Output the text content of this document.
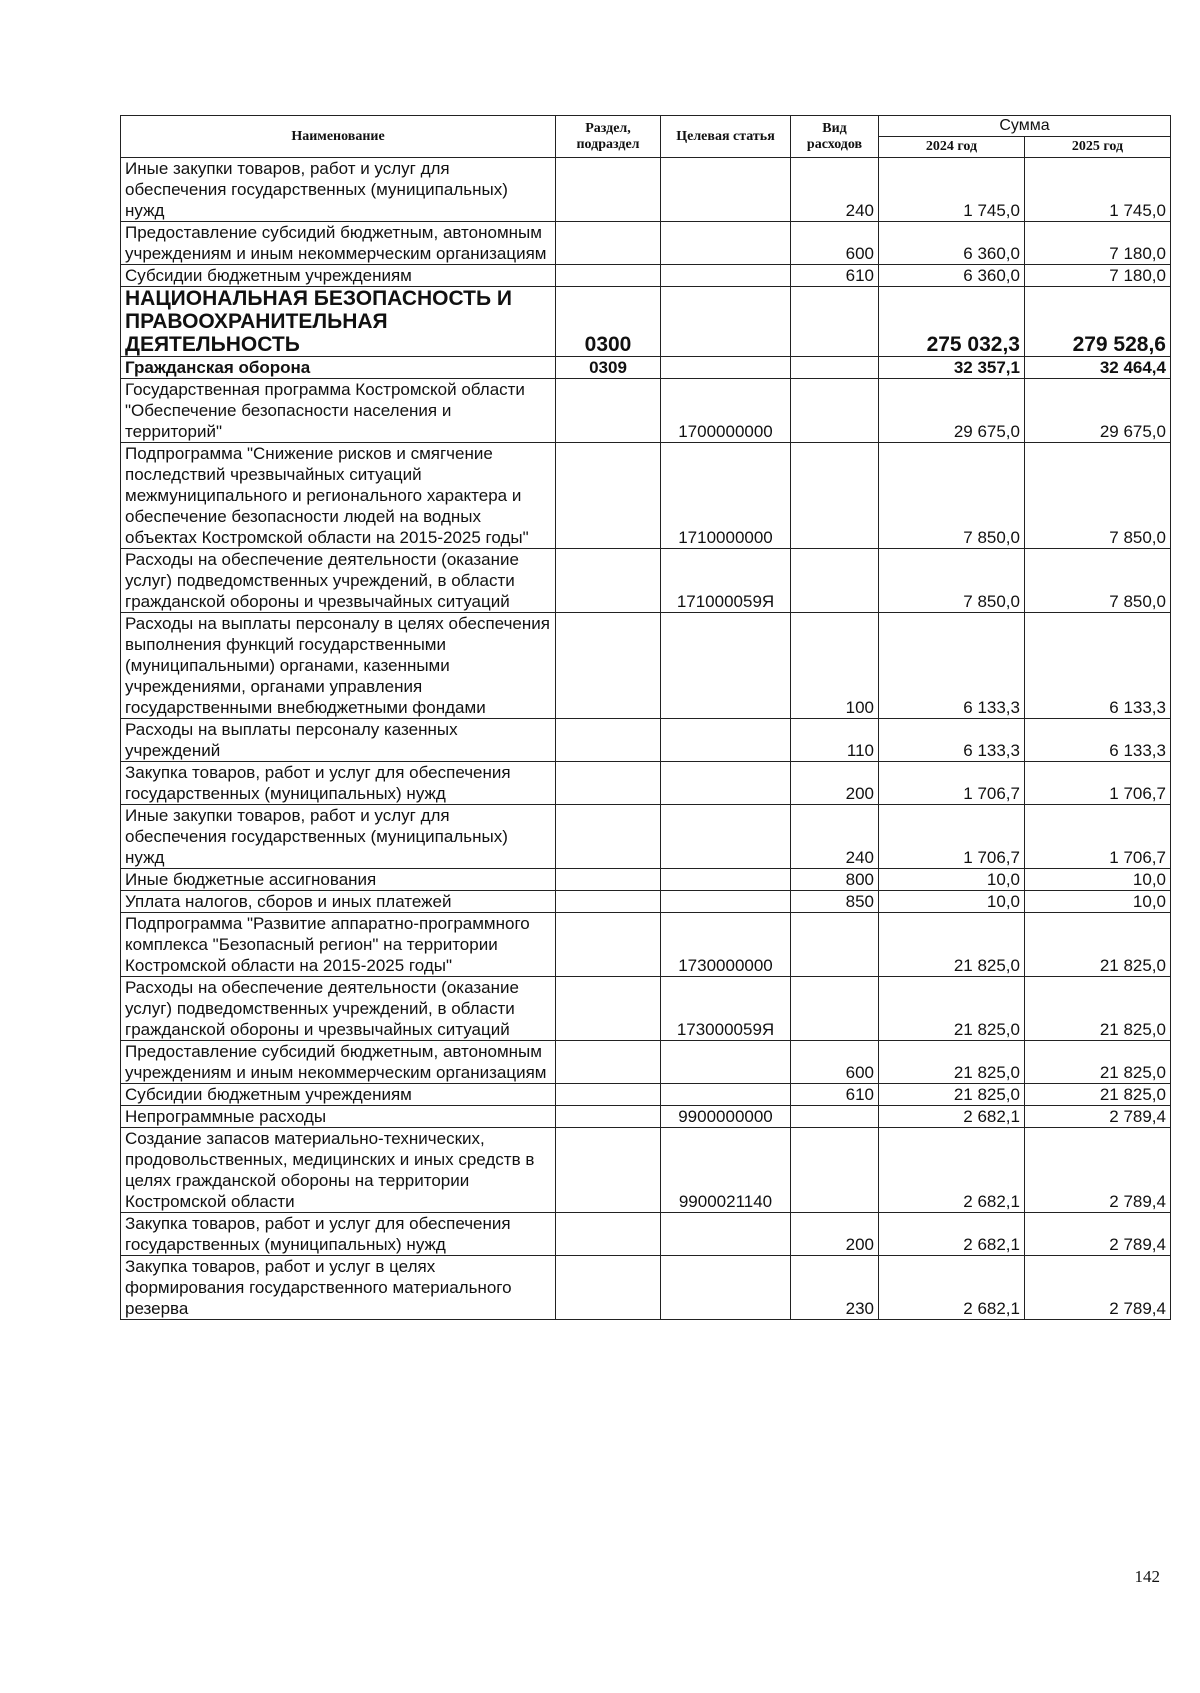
Наименование	Раздел, подраздел	Целевая статья	Вид расходов	Сумма	
				2024 год	2025 год
Иные закупки товаров, работ и услуг для обеспечения государственных (муниципальных) нужд			240	1 745,0	1 745,0
Предоставление субсидий бюджетным, автономным учреждениям и иным некоммерческим организациям			600	6 360,0	7 180,0
Субсидии бюджетным учреждениям			610	6 360,0	7 180,0
НАЦИОНАЛЬНАЯ БЕЗОПАСНОСТЬ И ПРАВООХРАНИТЕЛЬНАЯ ДЕЯТЕЛЬНОСТЬ	0300			275 032,3	279 528,6
Гражданская оборона	0309			32 357,1	32 464,4
Государственная программа Костромской области "Обеспечение безопасности населения и территорий"		1700000000		29 675,0	29 675,0
Подпрограмма "Снижение рисков и смягчение последствий чрезвычайных ситуаций межмуниципального и регионального характера и обеспечение безопасности людей на водных объектах Костромской области на 2015-2025 годы"		1710000000		7 850,0	7 850,0
Расходы на обеспечение деятельности (оказание услуг) подведомственных учреждений, в области гражданской обороны и чрезвычайных ситуаций		171000059Я		7 850,0	7 850,0
Расходы на выплаты персоналу в целях обеспечения выполнения функций государственными (муниципальными) органами, казенными учреждениями, органами управления государственными внебюджетными фондами			100	6 133,3	6 133,3
Расходы на выплаты персоналу казенных учреждений			110	6 133,3	6 133,3
Закупка товаров, работ и услуг для обеспечения государственных (муниципальных) нужд			200	1 706,7	1 706,7
Иные закупки товаров, работ и услуг для обеспечения государственных (муниципальных) нужд			240	1 706,7	1 706,7
Иные бюджетные ассигнования			800	10,0	10,0
Уплата налогов, сборов и иных платежей			850	10,0	10,0
Подпрограмма "Развитие аппаратно-программного комплекса "Безопасный регион" на территории Костромской области на 2015-2025 годы"		1730000000		21 825,0	21 825,0
Расходы на обеспечение деятельности (оказание услуг) подведомственных учреждений, в области гражданской обороны и чрезвычайных ситуаций		173000059Я		21 825,0	21 825,0
Предоставление субсидий бюджетным, автономным учреждениям и иным некоммерческим организациям			600	21 825,0	21 825,0
Субсидии бюджетным учреждениям			610	21 825,0	21 825,0
Непрограммные расходы		9900000000		2 682,1	2 789,4
Создание запасов материально-технических, продовольственных, медицинских и иных средств в целях гражданской обороны на территории Костромской области		9900021140		2 682,1	2 789,4
Закупка товаров, работ и услуг для обеспечения государственных (муниципальных) нужд			200	2 682,1	2 789,4
Закупка товаров, работ и услуг в целях формирования государственного материального резерва			230	2 682,1	2 789,4
142
